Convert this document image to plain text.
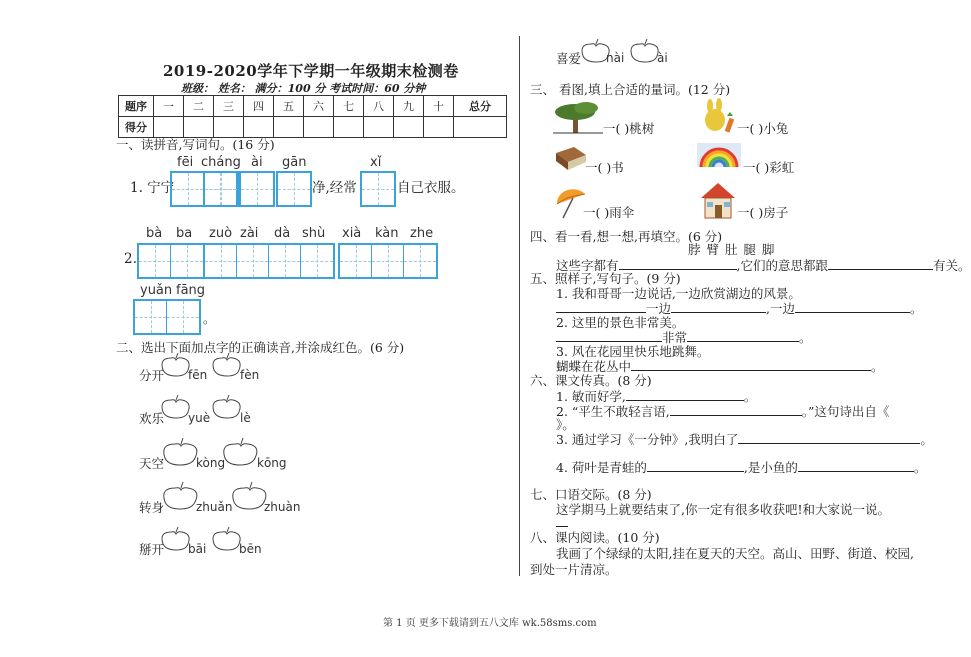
2019-2020学年下学期一年级期末检测卷
班级： 姓名： 满分：100 分 考试时间：60 分钟
题序	一	二	三	四	五	六	七	八	九	十	总分
得分											
一、读拼音,写词句。(16 分)
fēi cháng ài gān	xǐ
1. 宁宁	净,经常	自己衣服。
bà ba zuò zài dà shù xià kàn zhe
2.
yuǎn fāng
。
二、选出下面加点字的正确读音,并涂成红色。(6 分)
分开
欢乐
天空
转身
掰开
fēn	fèn
yuè lè
kòng	kōng
zhuǎn	zhuàn
bāi	bēn
喜爱 nài	ài
三、 看图,填上合适的量词。(12 分)
一( )桃树	一( )小兔
一( )书	一( )彩虹
一( )雨伞	一( )房子
四、看一看,想一想,再填空。(6 分)
脖 臂 肚 腿 脚
这些字都有	,它们的意思都跟	有关。
五、照样子,写句子。(9 分)
1. 我和哥哥一边说话,一边欣赏湖边的风景。
一边	,一边	。
2. 这里的景色非常美。
非常	。
3. 风在花园里快乐地跳舞。
蝴蝶在花丛中	。
六、课文传真。(8 分)
1. 敏而好学,	。
2. “平生不敢轻言语,	。”这句诗出自《
》。
3. 通过学习《一分钟》,我明白了	。
4. 荷叶是青蛙的	,是小鱼的	。
七、口语交际。(8 分)
这学期马上就要结束了,你一定有很多收获吧!和大家说一说。
八、课内阅读。(10 分)
我画了个绿绿的太阳,挂在夏天的天空。高山、田野、街道、校园,
到处一片清凉。
第 1 页 更多下载请到五八文库 wk.58sms.com
